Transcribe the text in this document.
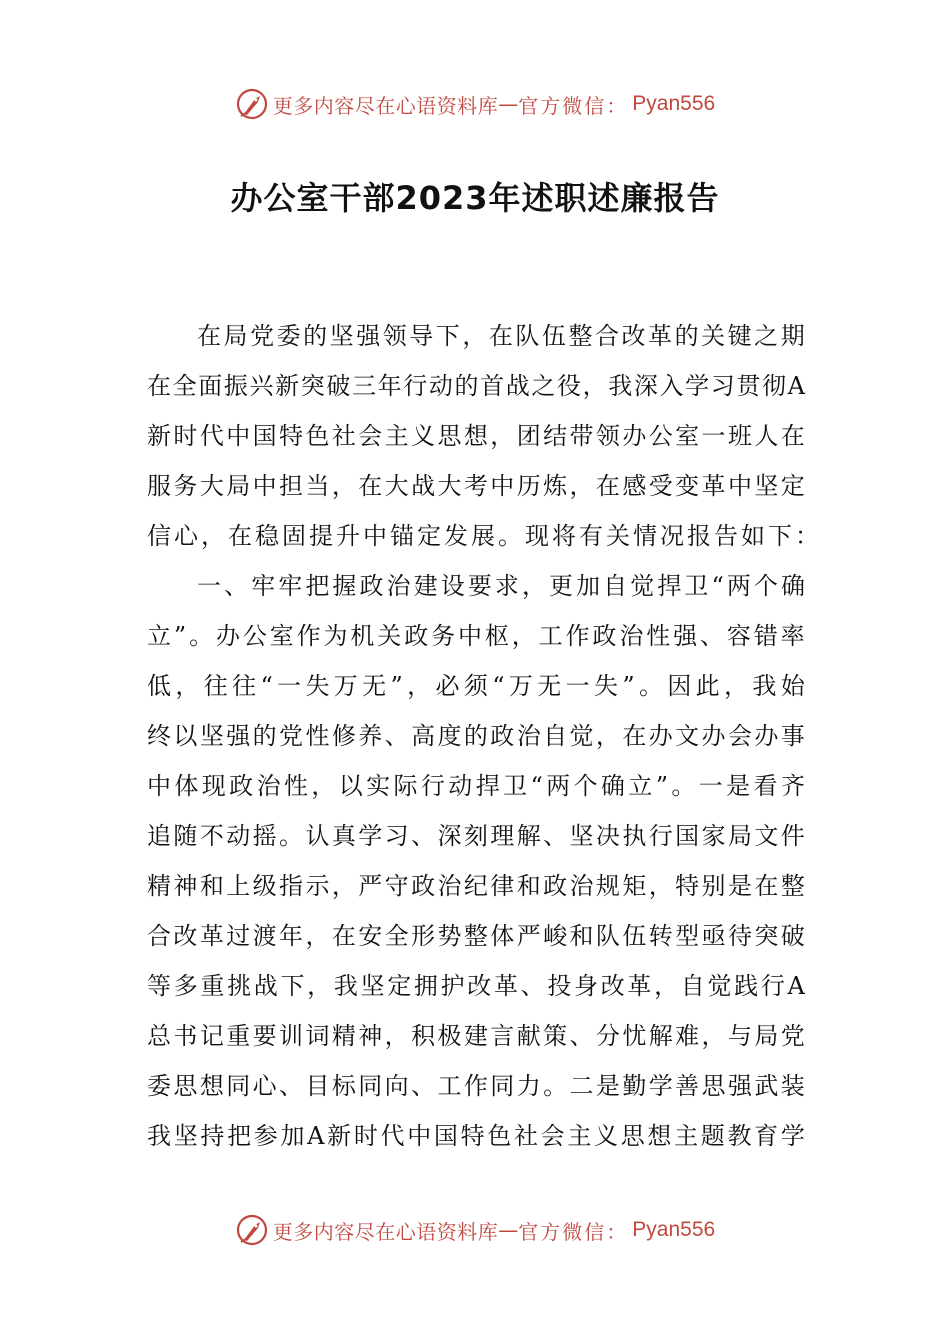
更多内容尽在心语资料库 — 官方微信： Pyan556
办公室干部2023年述职述廉报告
在 局 党 委 的 坚 强 领 导 下 ， 在 队 伍 整 合 改 革 的 关 键 之 期
在 全 面 振 兴 新 突 破 三 年 行 动 的 首 战 之 役 ， 我 深 入 学 习 贯 彻 A
新 时 代 中 国 特 色 社 会 主 义 思 想 ， 团 结 带 领 办 公 室 一 班 人 在
服 务 大 局 中 担 当 ， 在 大 战 大 考 中 历 炼 ， 在 感 受 变 革 中 坚 定
信心，在稳固提升中锚定发展。现将有关情况报告如下：
一 、 牢 牢 把 握 政 治 建 设 要 求 ， 更 加 自 觉 捍 卫 “ 两 个 确
立 ” 。 办 公 室 作 为 机 关 政 务 中 枢 ， 工 作 政 治 性 强 、 容 错 率
低 ， 往 往 “ 一 失 万 无 ” ， 必 须 “ 万 无 一 失 ” 。 因 此 ， 我 始
终 以 坚 强 的 党 性 修 养 、 高 度 的 政 治 自 觉 ， 在 办 文 办 会 办 事
中 体 现 政 治 性 ， 以 实 际 行 动 捍 卫 “ 两 个 确 立 ” 。 一 是 看 齐
追 随 不 动 摇 。 认 真 学 习 、 深 刻 理 解 、 坚 决 执 行 国 家 局 文 件
精 神 和 上 级 指 示 ， 严 守 政 治 纪 律 和 政 治 规 矩 ， 特 别 是 在 整
合 改 革 过 渡 年 ， 在 安 全 形 势 整 体 严 峻 和 队 伍 转 型 亟 待 突 破
等 多 重 挑 战 下 ， 我 坚 定 拥 护 改 革 、 投 身 改 革 ， 自 觉 践 行 A
总 书 记 重 要 训 词 精 神 ， 积 极 建 言 献 策 、 分 忧 解 难 ， 与 局 党
委 思 想 同 心 、 目 标 同 向 、 工 作 同 力 。 二 是 勤 学 善 思 强 武 装
我 坚 持 把 参 加 A 新 时 代 中 国 特 色 社 会 主 义 思 想 主 题 教 育 学
更多内容尽在心语资料库 — 官方微信： Pyan556
